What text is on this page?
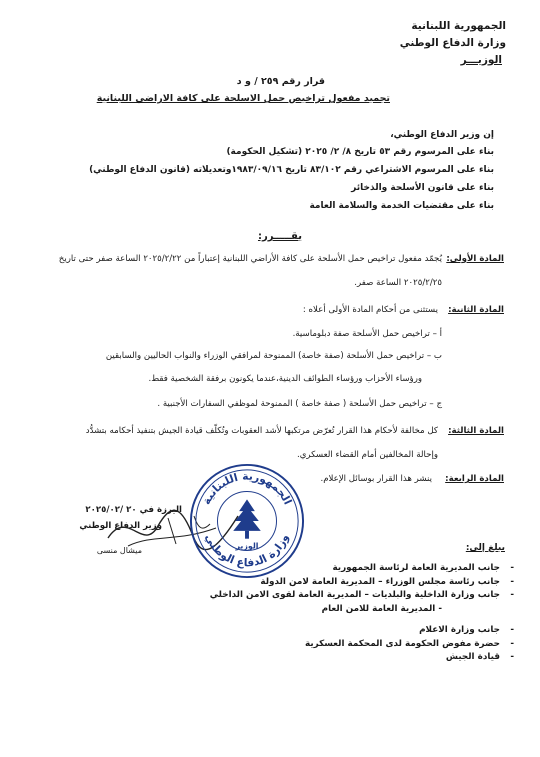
الجمهورية اللبنانية
وزارة الدفاع الوطني
الوزيـــر
قرار رقم ٢٥٩ / و د
تجميد مفعول تراخيص حمل الاسلحة على كافة الاراضي اللبنانية
إن وزير الدفاع الوطني،
بناء على المرسوم رقم ٥٣ تاريخ ٨/ ٢/ ٢٠٢٥ (تشكيل الحكومة)
بناء على المرسوم الاشتراعي رقم ٨٣/١٠٢ تاريخ ١٩٨٣/٠٩/١٦وتعديلاته (قانون الدفاع الوطني)
بناء على قانون الأسلحة والذخائر
بناء على مقتضيات الخدمة والسلامة العامة
يقـــــرر:
المادة الأولى:
يُجمّد مفعول تراخيص حمل الأسلحة على كافة الأراضي اللبنانية إعتباراً من ٢٠٢٥/٢/٢٢ الساعة صفر حتى تاريخ
٢٠٢٥/٢/٢٥ الساعة صفر.
المادة الثانية:
يستثنى من أحكام المادة الأولى أعلاه :
أ – تراخيص حمل الأسلحة صفة دبلوماسية.
ب – تراخيص حمل الأسلحة (صفة خاصة) الممنوحة لمرافقي الوزراء والنواب الحاليين والسابقين
ورؤساء الأحزاب ورؤساء الطوائف الدينية،عندما يكونون برفقة الشخصية فقط.
ج – تراخيص حمل الأسلحة ( صفة خاصة ) الممنوحة لموظفي السفارات الأجنبية .
المادة الثالثة:
كل مخالفة لأحكام هذا القرار تُعرّض مرتكبها لأشد العقوبات وتُكلّف قيادة الجيش بتنفيذ أحكامه بتشدُّد
وإحالة المخالفين أمام القضاء العسكري.
المادة الرابعة:
ينشر هذا القرار بوسائل الإعلام.
اليرزة في ٢٠ /٢٠٢٥/٠٢
وزير الدفاع الوطني
ميشال منسى
الجمهورية اللبنانية
وزارة الدفاع الوطني
الوزير	يبلغ إلى:
-
جانب المديرية العامة لرئاسة الجمهورية
-
جانب رئاسة مجلس الوزراء – المديرية العامة لامن الدولة
-
جانب وزارة الداخلية والبلديات – المديرية العامة لقوى الامن الداخلي
- المديرية العامة للامن العام
-
جانب وزارة الاعلام
-
حضرة مفوض الحكومة لدى المحكمة العسكرية
-
قيادة الجيش
